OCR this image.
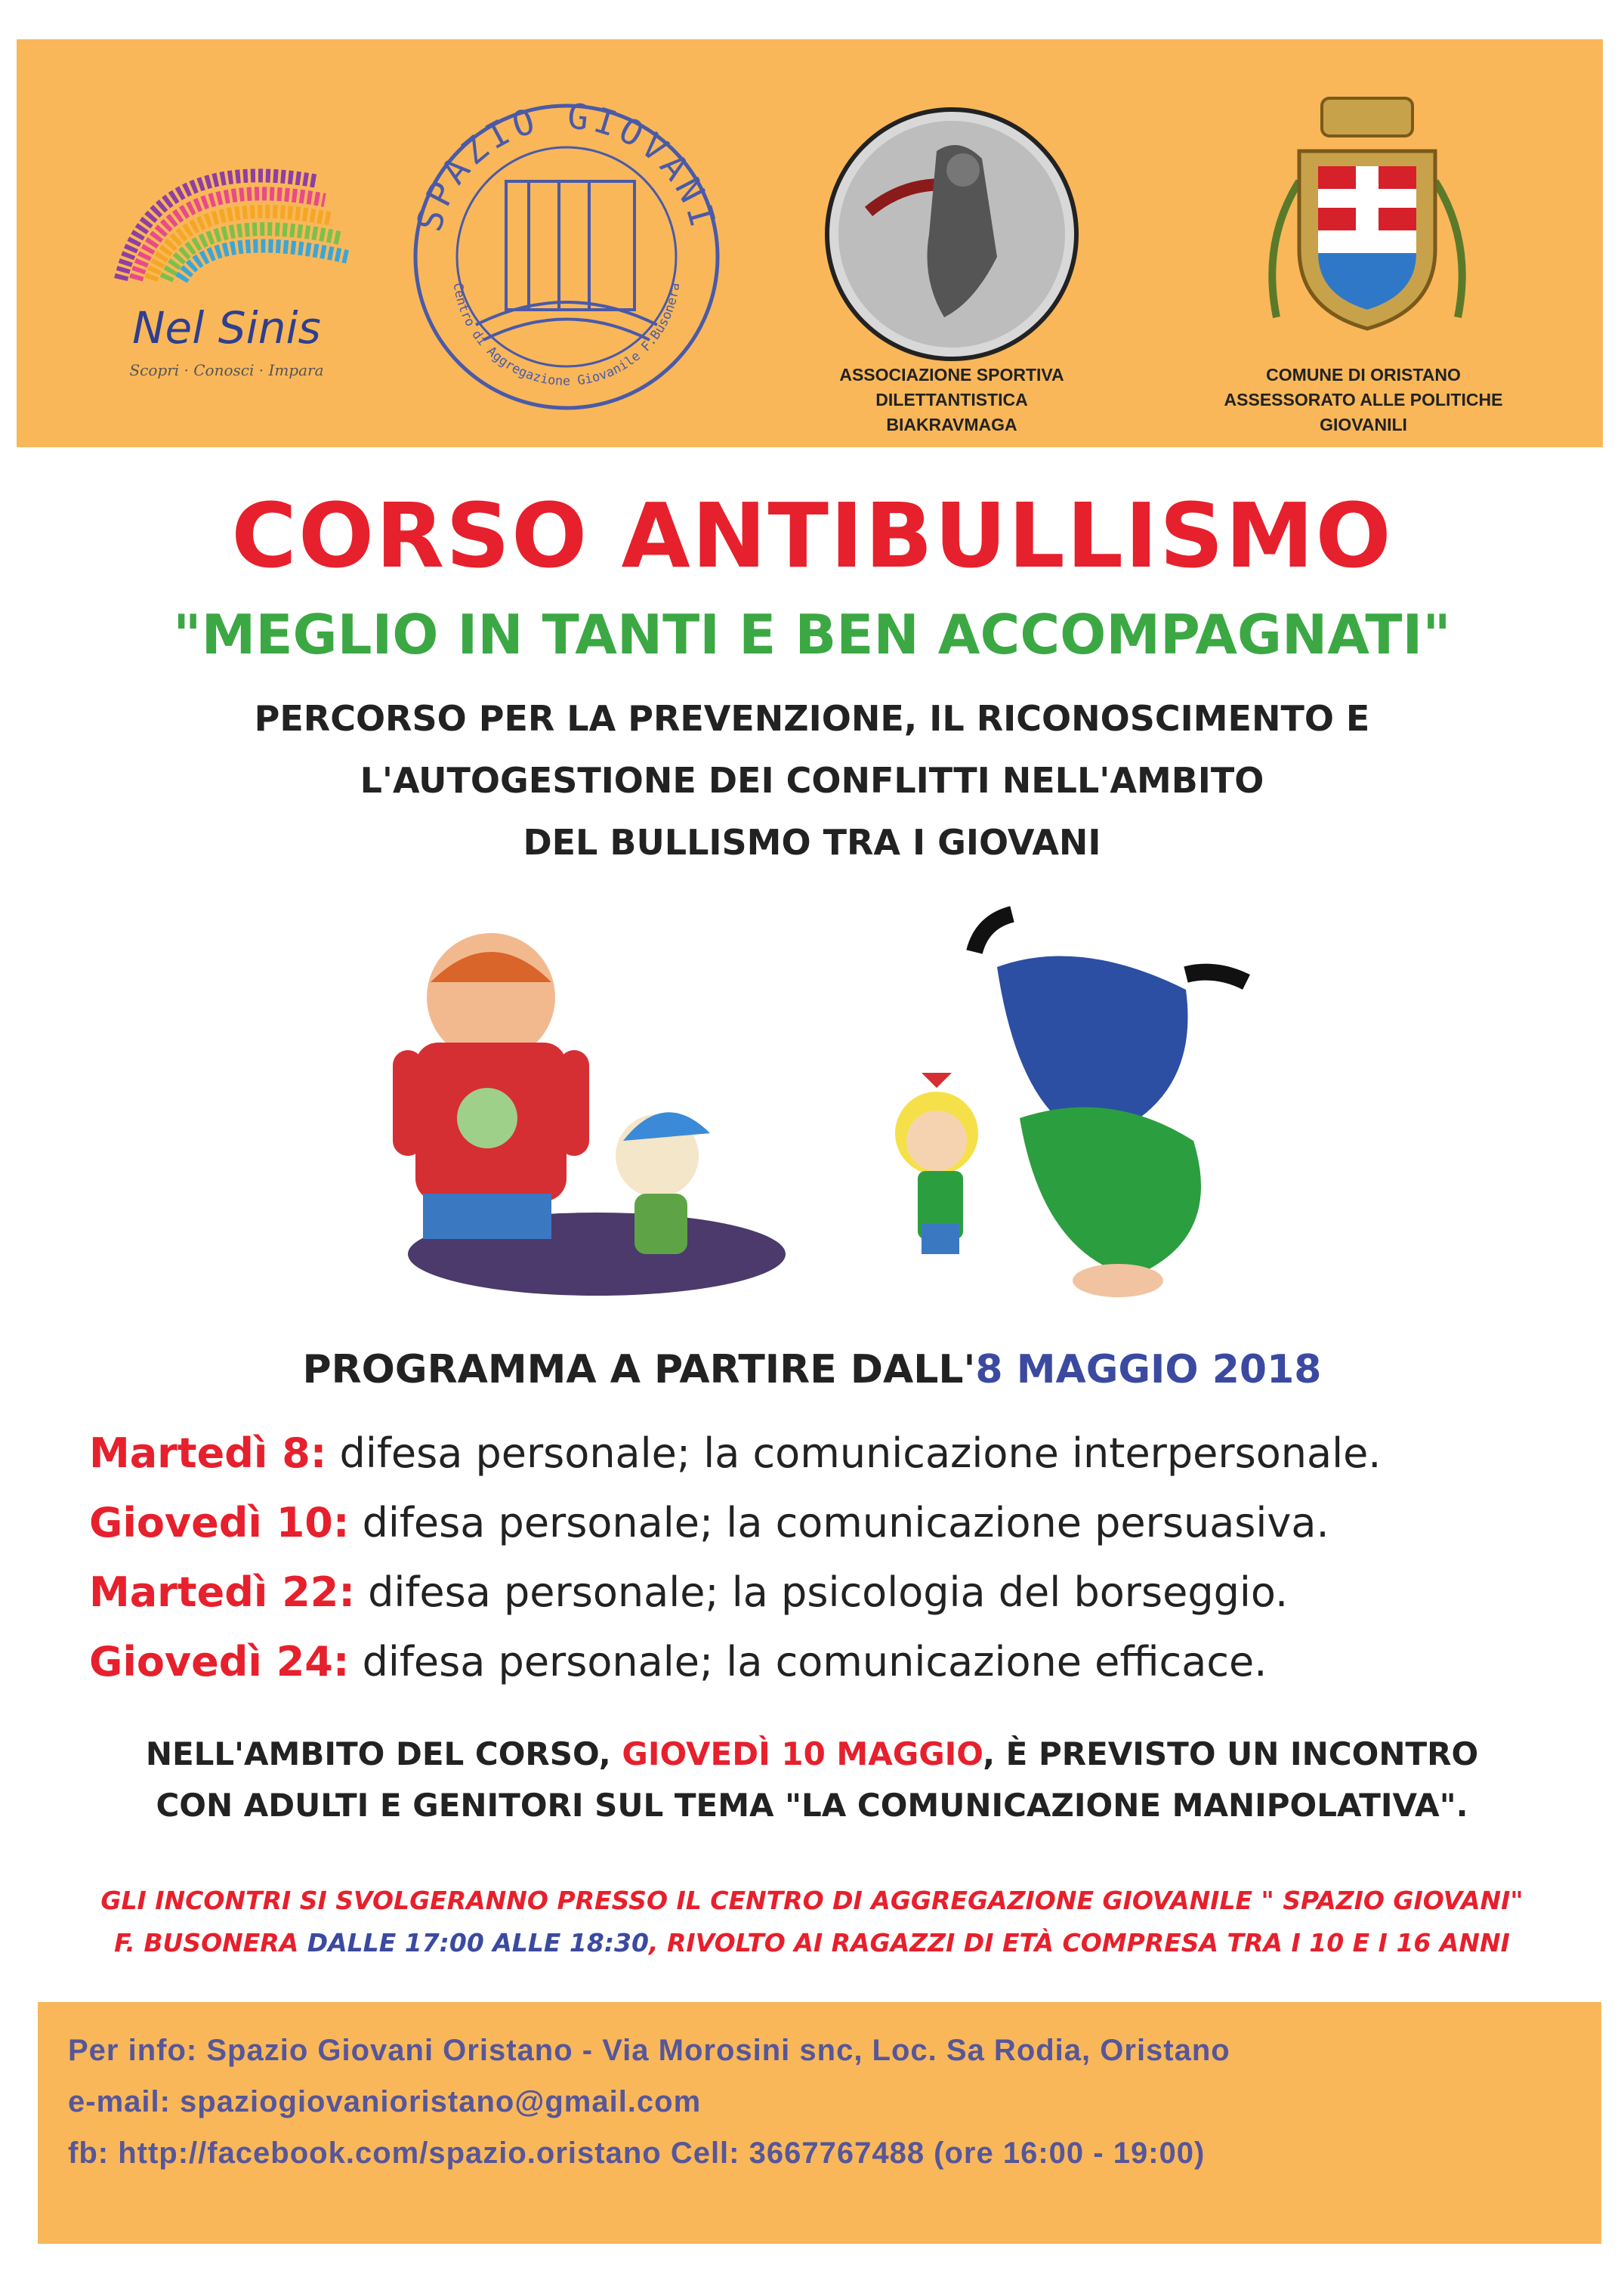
Nel Sinis
Scopri · Conosci · Impara
SPAZIO GIOVANI
Centro di Aggregazione Giovanile F.Busonera
ASSOCIAZIONE SPORTIVA
DILETTANTISTICA
BIAKRAVMAGA
COMUNE DI ORISTANO
ASSESSORATO ALLE POLITICHE
GIOVANILI
CORSO ANTIBULLISMO
"MEGLIO IN TANTI E BEN ACCOMPAGNATI"
PERCORSO PER LA PREVENZIONE, IL RICONOSCIMENTO E
L'AUTOGESTIONE DEI CONFLITTI NELL'AMBITO
DEL BULLISMO TRA I GIOVANI
PROGRAMMA A PARTIRE DALL'8 MAGGIO 2018
Martedì 8: difesa personale; la comunicazione interpersonale.
Giovedì 10: difesa personale; la comunicazione persuasiva.
Martedì 22: difesa personale; la psicologia del borseggio.
Giovedì 24: difesa personale; la comunicazione efficace.
NELL'AMBITO DEL CORSO, GIOVEDÌ 10 MAGGIO, È PREVISTO UN INCONTRO
CON ADULTI E GENITORI SUL TEMA "LA COMUNICAZIONE MANIPOLATIVA".
GLI INCONTRI SI SVOLGERANNO PRESSO IL CENTRO DI AGGREGAZIONE GIOVANILE " SPAZIO GIOVANI"
F. BUSONERA DALLE 17:00 ALLE 18:30, RIVOLTO AI RAGAZZI DI ETÀ COMPRESA TRA I 10 E I 16 ANNI
Per info: Spazio Giovani Oristano - Via Morosini snc, Loc. Sa Rodia, Oristano
e-mail: spaziogiovanioristano@gmail.com
fb: http://facebook.com/spazio.oristano Cell: 3667767488 (ore 16:00 - 19:00)
